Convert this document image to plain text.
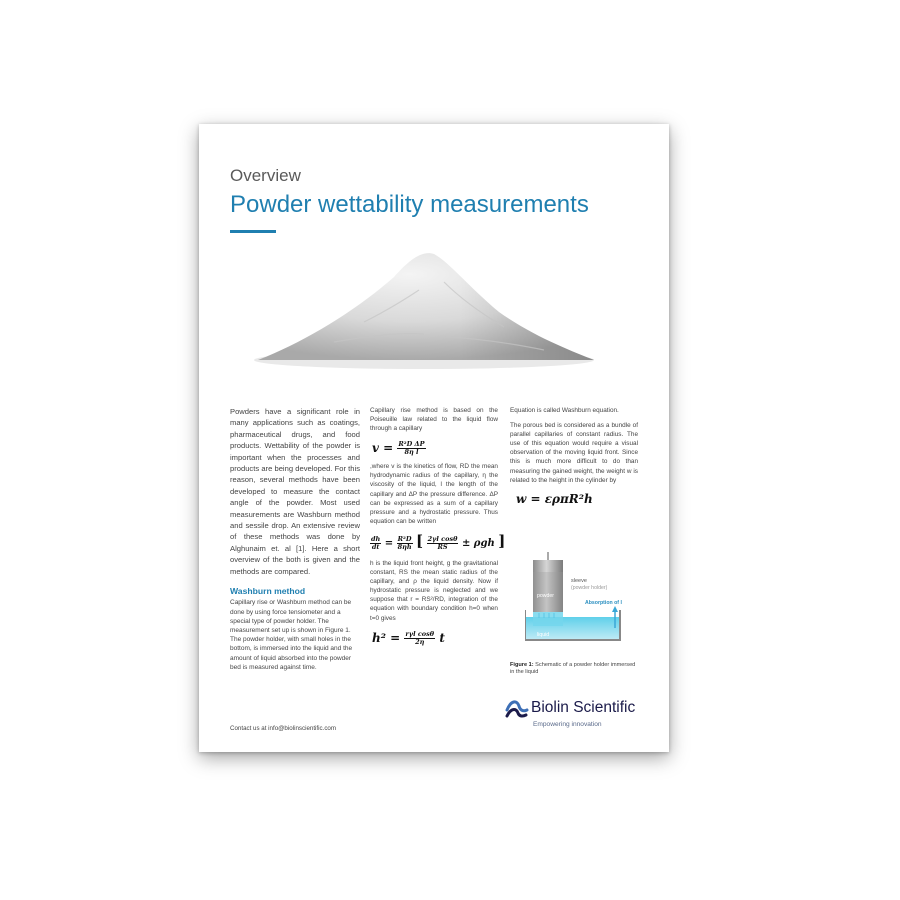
Overview
Powder wettability measurements

Powders have a significant role in many applications such as coatings, pharmaceutical drugs, and food products. Wettability of the powder is important when the processes and products are being developed. For this reason, several methods have been developed to measure the contact angle of the powder. Most used measurements are Washburn method and sessile drop. An extensive review of these methods was done by Alghunaim et. al [1]. Here a short overview of the both is given and the methods are compared.

Washburn method

Capillary rise or Washburn method can be done by using force tensiometer and a special type of powder holder. The measurement set up is shown in Figure 1. The powder holder, with small holes in the bottom, is immersed into the liquid and the amount of liquid absorbed into the powder bed is measured against time.

Capillary rise method is based on the Poiseuille law related to the liquid flow through a capillary

$v = \frac{\text{R²D ΔP}}{\text{8η l}}$

,where v is the kinetics of flow, RD the mean hydrodynamic radius of the capillary, η the viscosity of the liquid, l the length of the capillary and ΔP the pressure difference. ΔP can be expressed as a sum of a capillary pressure and a hydrostatic pressure. Thus equation can be written

$\frac{dh}{dt} = \frac{\text{R²D}}{8\eta h}$ [ $\frac{\text{2γl cosθ}}{RS} \pm \rho gh$ ]

h is the liquid front height, g the gravitational constant, RS the mean static radius of the capillary, and ρ the liquid density. Now if hydrostatic pressure is neglected and we suppose that r = RS²/RD, integration of the equation with boundary condition h=0 when t=0 gives

$h^2 = \frac{\text{rγl cosθ}}{2\eta}$ t

Equation is called Washburn equation.

The porous bed is considered as a bundle of parallel capillaries of constant radius. The use of this equation would require a visual observation of the moving liquid front. Since this is much more difficult to do than measuring the gained weight, the weight w is related to the height in the cylinder by

w = ερπR²h
sleeve
(powder holder)
powder
Absorption of l
liquid
Figure 1: Schematic of a powder holder immersed in the liquid
Contact us at info@biolinscientific.com
Biolin Scientific
Empowering innovation
